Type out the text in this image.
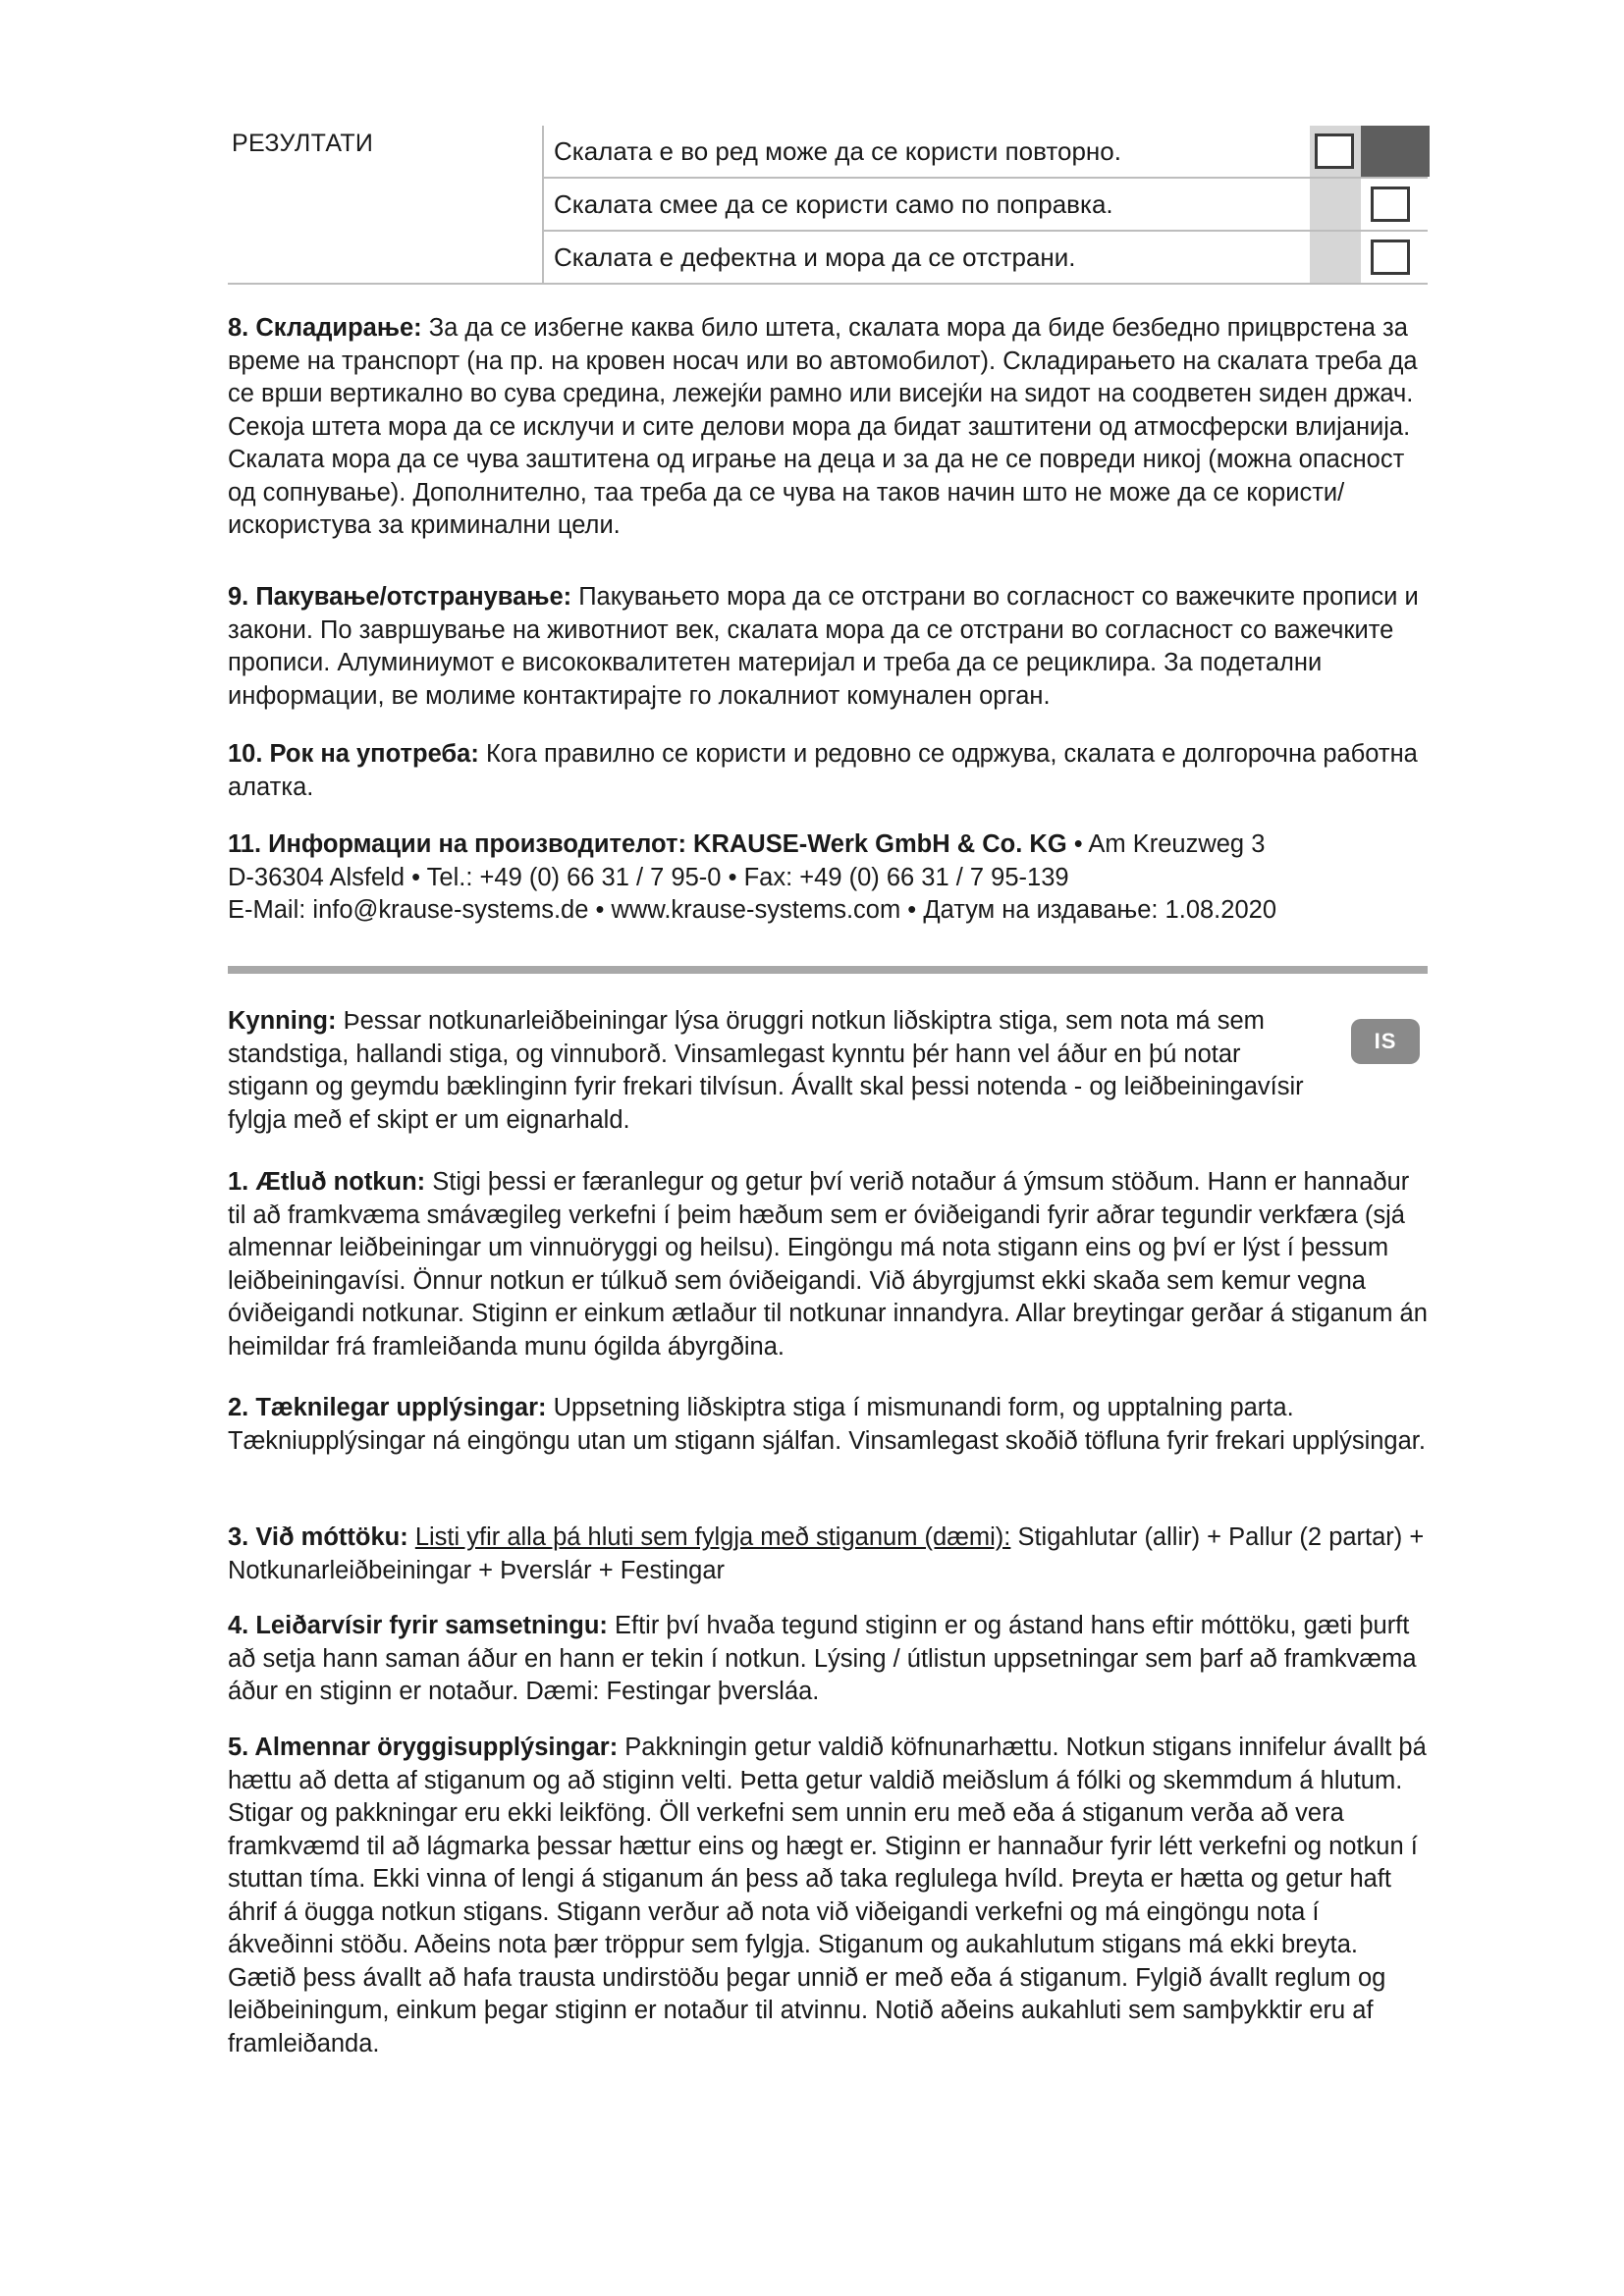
РЕЗУЛТАТИ	Скалата е во ред може да се користи повторно.
Скалата смее да се користи само по поправка.
Скалата е дефектна и мора да се отстрани.

8. Складирање: За да се избегне каква било штета, скалата мора да биде безбедно прицврстена за време на транспорт (на пр. на кровен носач или во автомобилот). Складирањето на скалата треба да се врши вертикално во сува средина, лежејќи рамно или висејќи на ѕидот на соодветен ѕиден држач. Секоја штета мора да се исклучи и сите делови мора да бидат заштитени од атмосферски влијанија. Скалата мора да се чува заштитена од играње на деца и за да не се повреди никој (можна опасност од сопнување). Дополнително, таа треба да се чува на таков начин што не може да се користи/искористува за криминални цели.

9. Пакување/отстранување: Пакувањето мора да се отстрани во согласност со важечките прописи и закони. По завршување на животниот век, скалата мора да се отстрани во согласност со важечките прописи. Алуминиумот е висококвалитетен материјал и треба да се рециклира. За подетални информации, ве молиме контактирајте го локалниот комунален орган.

10. Рок на употреба: Кога правилно се користи и редовно се одржува, скалата е долгорочна работна алатка.

11. Информации на производителот: KRAUSE-Werk GmbH & Co. KG • Am Kreuzweg 3
D-36304 Alsfeld • Tel.: +49 (0) 66 31 / 7 95-0 • Fax: +49 (0) 66 31 / 7 95-139
E-Mail: info@krause-systems.de • www.krause-systems.com • Датум на издавање: 1.08.2020

IS

Kynning: Þessar notkunarleiðbeiningar lýsa öruggri notkun liðskiptra stiga, sem nota má sem standstiga, hallandi stiga, og vinnuborð. Vinsamlegast kynntu þér hann vel áður en þú notar stigann og geymdu bæklinginn fyrir frekari tilvísun. Ávallt skal þessi notenda - og leiðbeiningavísir fylgja með ef skipt er um eignarhald.

1. Ætluð notkun: Stigi þessi er færanlegur og getur því verið notaður á ýmsum stöðum. Hann er hannaður til að framkvæma smávægileg verkefni í þeim hæðum sem er óviðeigandi fyrir aðrar tegundir verkfæra (sjá almennar leiðbeiningar um vinnuöryggi og heilsu). Eingöngu má nota stigann eins og því er lýst í þessum leiðbeiningavísi. Önnur notkun er túlkuð sem óviðeigandi. Við ábyrgjumst ekki skaða sem kemur vegna óviðeigandi notkunar. Stiginn er einkum ætlaður til notkunar innandyra. Allar breytingar gerðar á stiganum án heimildar frá framleiðanda munu ógilda ábyrgðina.

2. Tæknilegar upplýsingar: Uppsetning liðskiptra stiga í mismunandi form, og upptalning parta. Tækniupplýsingar ná eingöngu utan um stigann sjálfan. Vinsamlegast skoðið töfluna fyrir frekari upplýsingar.

3. Við móttöku: Listi yfir alla þá hluti sem fylgja með stiganum (dæmi): Stigahlutar (allir) + Pallur (2 partar) + Notkunarleiðbeiningar + Þverslár + Festingar

4. Leiðarvísir fyrir samsetningu: Eftir því hvaða tegund stiginn er og ástand hans eftir móttöku, gæti þurft að setja hann saman áður en hann er tekin í notkun. Lýsing / útlistun uppsetningar sem þarf að framkvæma áður en stiginn er notaður. Dæmi: Festingar þversláa.

5. Almennar öryggisupplýsingar: Pakkningin getur valdið köfnunarhættu. Notkun stigans innifelur ávallt þá hættu að detta af stiganum og að stiginn velti. Þetta getur valdið meiðslum á fólki og skemmdum á hlutum. Stigar og pakkningar eru ekki leikföng. Öll verkefni sem unnin eru með eða á stiganum verða að vera framkvæmd til að lágmarka þessar hættur eins og hægt er. Stiginn er hannaður fyrir létt verkefni og notkun í stuttan tíma. Ekki vinna of lengi á stiganum án þess að taka reglulega hvíld. Þreyta er hætta og getur haft áhrif á öugga notkun stigans. Stigann verður að nota við viðeigandi verkefni og má eingöngu nota í ákveðinni stöðu. Aðeins nota þær tröppur sem fylgja. Stiganum og aukahlutum stigans má ekki breyta. Gætið þess ávallt að hafa trausta undirstöðu þegar unnið er með eða á stiganum. Fylgið ávallt reglum og leiðbeiningum, einkum þegar stiginn er notaður til atvinnu. Notið aðeins aukahluti sem samþykktir eru af framleiðanda.
